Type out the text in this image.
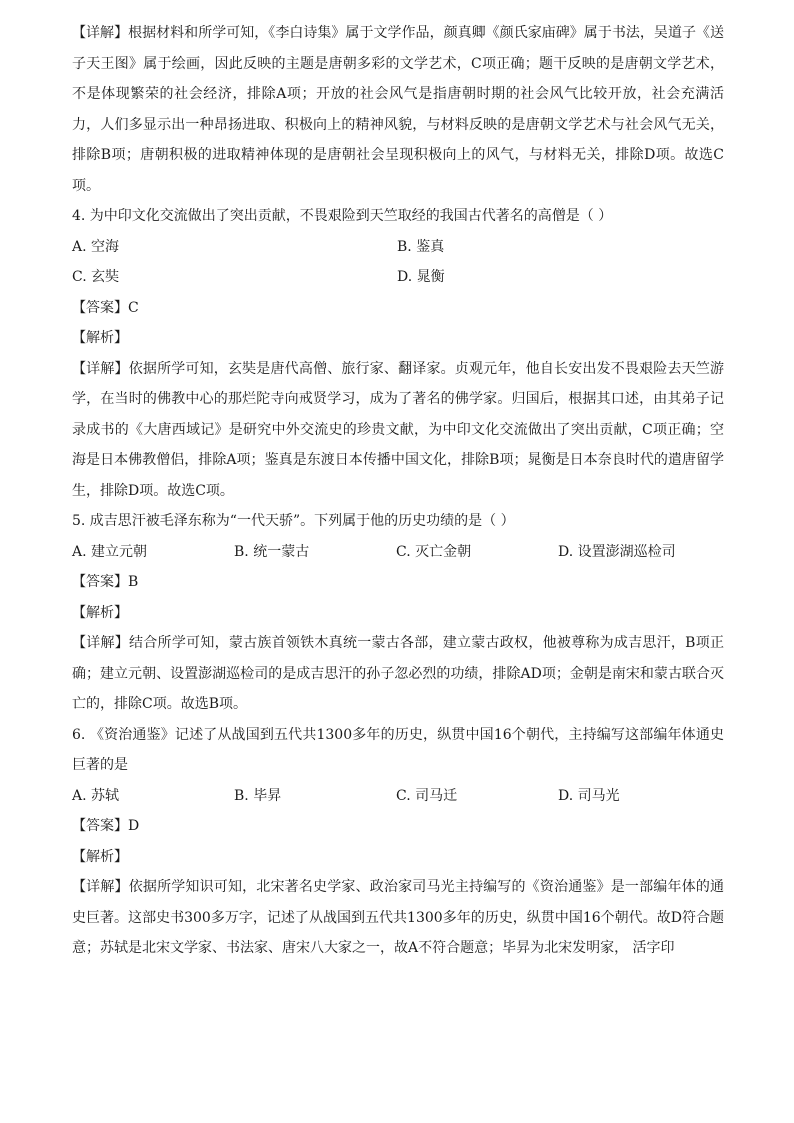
【详解】根据材料和所学可知，《李白诗集》属于文学作品，颜真卿《颜氏家庙碑》属于书法，吴道子《送子天王图》属于绘画，因此反映的主题是唐朝多彩的文学艺术，C项正确；题干反映的是唐朝文学艺术，不是体现繁荣的社会经济，排除A项；开放的社会风气是指唐朝时期的社会风气比较开放，社会充满活力，人们多显示出一种昂扬进取、积极向上的精神风貌，与材料反映的是唐朝文学艺术与社会风气无关，排除B项；唐朝积极的进取精神体现的是唐朝社会呈现积极向上的风气，与材料无关，排除D项。故选C项。

4. 为中印文化交流做出了突出贡献，不畏艰险到天竺取经的我国古代著名的高僧是（ ）
A. 空海	B. 鉴真
C. 玄奘	D. 晁衡
【答案】C
【解析】

【详解】依据所学可知，玄奘是唐代高僧、旅行家、翻译家。贞观元年，他自长安出发不畏艰险去天竺游学，在当时的佛教中心的那烂陀寺向戒贤学习，成为了著名的佛学家。归国后，根据其口述，由其弟子记录成书的《大唐西域记》是研究中外交流史的珍贵文献，为中印文化交流做出了突出贡献，C项正确；空海是日本佛教僧侣，排除A项；鉴真是东渡日本传播中国文化，排除B项；晁衡是日本奈良时代的遣唐留学生，排除D项。故选C项。

5. 成吉思汗被毛泽东称为“一代天骄”。下列属于他的历史功绩的是（ ）
A. 建立元朝	B. 统一蒙古	C. 灭亡金朝	D. 设置澎湖巡检司
【答案】B
【解析】

【详解】结合所学可知，蒙古族首领铁木真统一蒙古各部，建立蒙古政权，他被尊称为成吉思汗，B项正确；建立元朝、设置澎湖巡检司的是成吉思汗的孙子忽必烈的功绩，排除AD项；金朝是南宋和蒙古联合灭亡的，排除C项。故选B项。

6. 《资治通鉴》记述了从战国到五代共1300多年的历史，纵贯中国16个朝代，主持编写这部编年体通史巨著的是

A. 苏轼	B. 毕昇	C. 司马迁	D. 司马光
【答案】D
【解析】

【详解】依据所学知识可知，北宋著名史学家、政治家司马光主持编写的《资治通鉴》是一部编年体的通史巨著。这部史书300多万字，记述了从战国到五代共1300多年的历史，纵贯中国16个朝代。故D符合题意；苏轼是北宋文学家、书法家、唐宋八大家之一，故A不符合题意；毕昇为北宋发明家， 活字印
